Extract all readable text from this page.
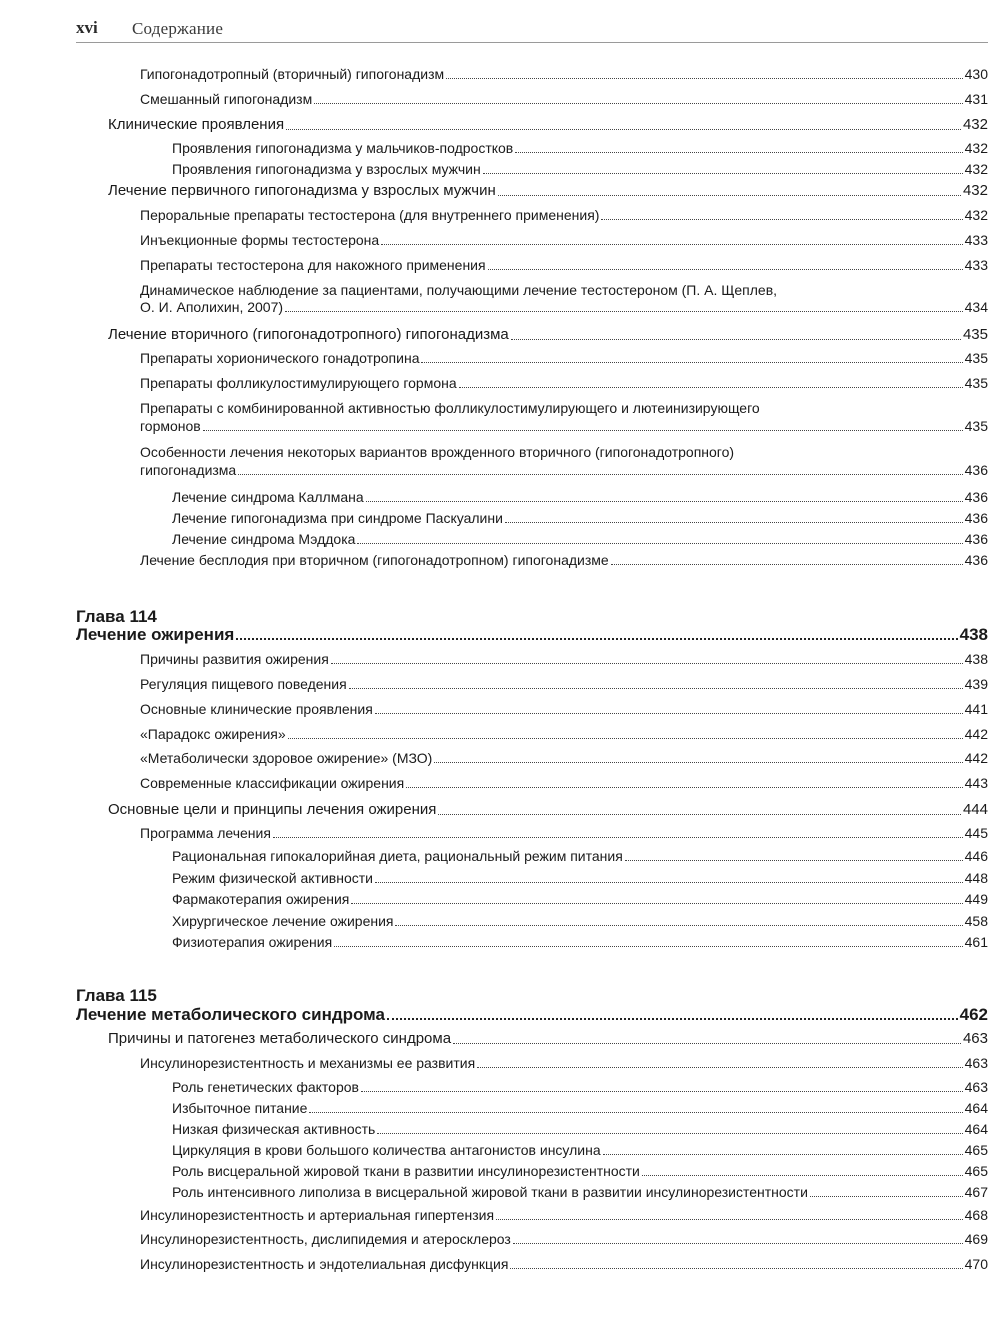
xvi Содержание
Гипогонадотропный (вторичный) гипогонадизм	430
Смешанный гипогонадизм	431
Клинические проявления	432
Проявления гипогонадизма у мальчиков-подростков	432
Проявления гипогонадизма у взрослых мужчин	432
Лечение первичного гипогонадизма у взрослых мужчин	432
Пероральные препараты тестостерона (для внутреннего применения)	432
Инъекционные формы тестостерона	433
Препараты тестостерона для накожного применения	433
Динамическое наблюдение за пациентами, получающими лечение тестостероном (П. А. Щеплев,
О. И. Аполихин, 2007)	434
Лечение вторичного (гипогонадотропного) гипогонадизма	435
Препараты хорионического гонадотропина	435
Препараты фолликулостимулирующего гормона	435
Препараты с комбинированной активностью фолликулостимулирующего и лютеинизирующего
гормонов	435
Особенности лечения некоторых вариантов врожденного вторичного (гипогонадотропного)
гипогонадизма	436
Лечение синдрома Каллмана	436
Лечение гипогонадизма при синдроме Паскуалини	436
Лечение синдрома Мэддока	436
Лечение бесплодия при вторичном (гипогонадотропном) гипогонадизме	436
Глава 114
Лечение ожирения	438
Причины развития ожирения	438
Регуляция пищевого поведения	439
Основные клинические проявления	441
«Парадокс ожирения»	442
«Метаболически здоровое ожирение» (МЗО)	442
Современные классификации ожирения	443
Основные цели и принципы лечения ожирения	444
Программа лечения	445
Рациональная гипокалорийная диета, рациональный режим питания	446
Режим физической активности	448
Фармакотерапия ожирения	449
Хирургическое лечение ожирения	458
Физиотерапия ожирения	461
Глава 115
Лечение метаболического синдрома	462
Причины и патогенез метаболического синдрома	463
Инсулинорезистентность и механизмы ее развития	463
Роль генетических факторов	463
Избыточное питание	464
Низкая физическая активность	464
Циркуляция в крови большого количества антагонистов инсулина	465
Роль висцеральной жировой ткани в развитии инсулинорезистентности	465
Роль интенсивного липолиза в висцеральной жировой ткани в развитии инсулинорезистентности	467
Инсулинорезистентность и артериальная гипертензия	468
Инсулинорезистентность, дислипидемия и атеросклероз	469
Инсулинорезистентность и эндотелиальная дисфункция	470
